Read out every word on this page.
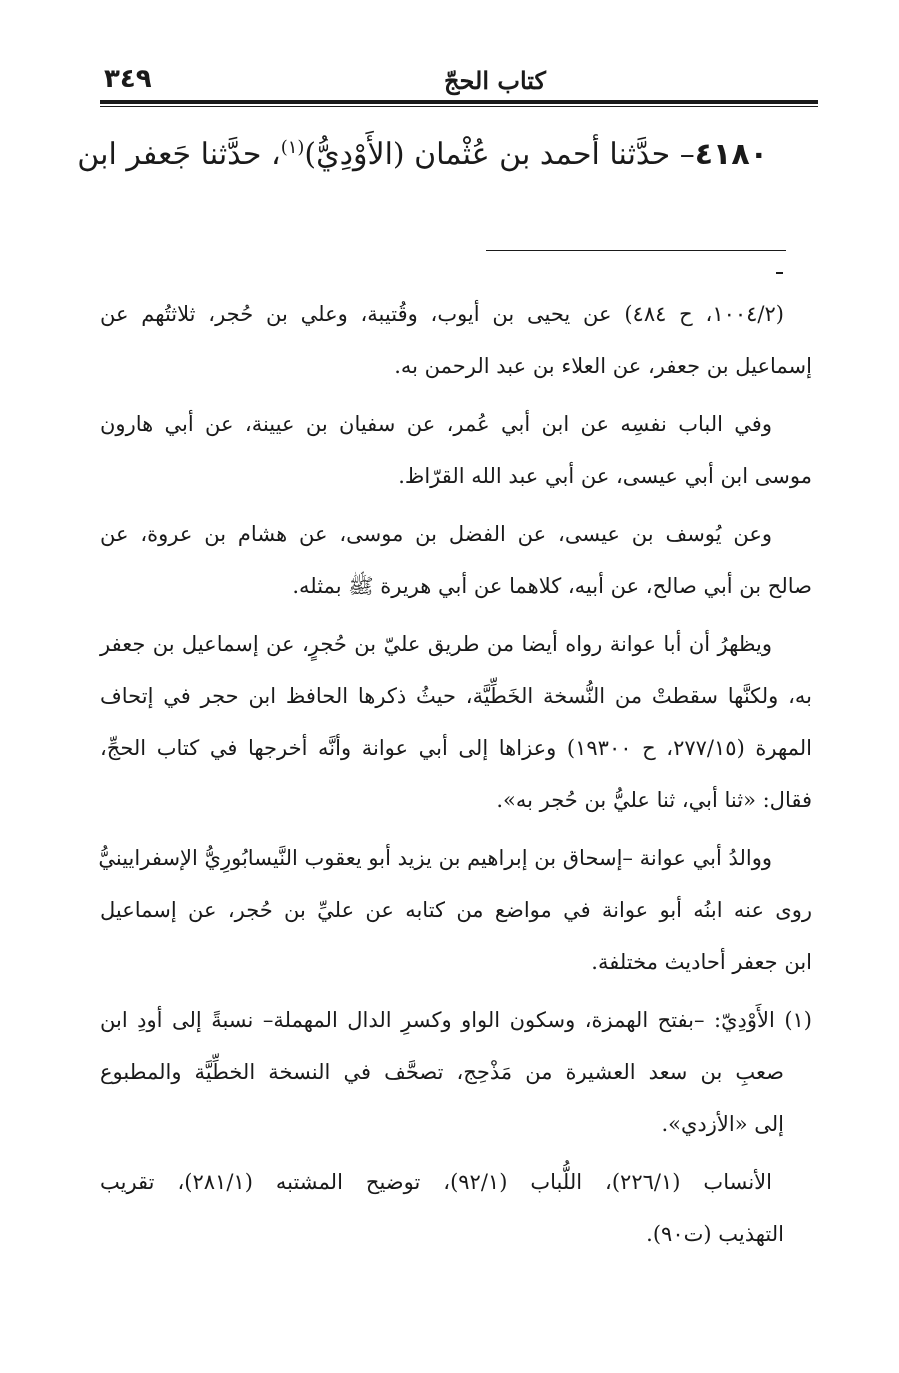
٣٤٩	كتاب الحجّ
٤١٨٠– حدَّثنا أحمد بن عُثْمان (الأَوْدِيُّ)$^{(١)}$، حدَّثنا جَعفر ابن
(١٠٠٤/٢، ح ٤٨٤) عن يحيى بن أيوب، وقُتيبة، وعلي بن حُجر، ثلاثتُهم عن
إسماعيل بن جعفر، عن العلاء بن عبد الرحمن به.
وفي الباب نفسِه عن ابن أبي عُمر، عن سفيان بن عيينة، عن أبي هارون
موسى ابن أبي عيسى، عن أبي عبد الله القرّاظ.
وعن يُوسف بن عيسى، عن الفضل بن موسى، عن هشام بن عروة، عن
صالح بن أبي صالح، عن أبيه، كلاهما عن أبي هريرة ﷺ بمثله.
ويظهرُ أن أبا عوانة رواه أيضا من طريق عليّ بن حُجرٍ، عن إسماعيل بن جعفر
به، ولكنَّها سقطتْ من النُّسخة الخَطِّيَّة، حيثُ ذكرها الحافظ ابن حجر في إتحاف
المهرة (٢٧٧/١٥، ح ١٩٣٠٠) وعزاها إلى أبي عوانة وأنَّه أخرجها في كتاب الحجِّ،
فقال: «ثنا أبي، ثنا عليُّ بن حُجر به».
ووالدُ أبي عوانة –إسحاق بن إبراهيم بن يزيد أبو يعقوب النَّيسابُورِيُّ الإسفرايينيُّ
روى عنه ابنُه أبو عوانة في مواضع من كتابه عن عليِّ بن حُجر، عن إسماعيل
ابن جعفر أحاديث مختلفة.
(١) الأَوْدِيّ: –بفتح الهمزة، وسكون الواو وكسرِ الدال المهملة– نسبةً إلى أودِ ابن
صعبِ بن سعد العشيرة من مَذْحِج، تصحَّف في النسخة الخطِّيَّة والمطبوع
إلى «الأزدي».
الأنساب (٢٢٦/١)، اللُّباب (٩٢/١)، توضيح المشتبه (٢٨١/١)، تقريب
التهذيب (ت٩٠).
